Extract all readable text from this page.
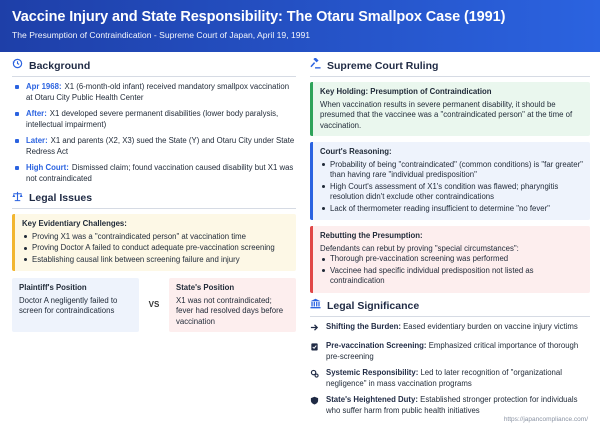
Vaccine Injury and State Responsibility: The Otaru Smallpox Case (1991)
The Presumption of Contraindication - Supreme Court of Japan, April 19, 1991
Background
Apr 1968: X1 (6-month-old infant) received mandatory smallpox vaccination at Otaru City Public Health Center
After: X1 developed severe permanent disabilities (lower body paralysis, intellectual impairment)
Later: X1 and parents (X2, X3) sued the State (Y) and Otaru City under State Redress Act
High Court: Dismissed claim; found vaccination caused disability but X1 was not contraindicated
Legal Issues
Key Evidentiary Challenges:
Proving X1 was a "contraindicated person" at vaccination time
Proving Doctor A failed to conduct adequate pre-vaccination screening
Establishing causal link between screening failure and injury
Plaintiff's Position
Doctor A negligently failed to screen for contraindications
VS
State's Position
X1 was not contraindicated; fever had resolved days before vaccination
Supreme Court Ruling
Key Holding: Presumption of Contraindication
When vaccination results in severe permanent disability, it should be presumed that the vaccinee was a "contraindicated person" at the time of vaccination.
Court's Reasoning:
Probability of being "contraindicated" (common conditions) is "far greater" than having rare "individual predisposition"
High Court's assessment of X1's condition was flawed; pharyngitis resolution didn't exclude other contraindications
Lack of thermometer reading insufficient to determine "no fever"
Rebutting the Presumption:
Defendants can rebut by proving "special circumstances":
Thorough pre-vaccination screening was performed
Vaccinee had specific individual predisposition not listed as contraindication
Legal Significance
Shifting the Burden: Eased evidentiary burden on vaccine injury victims
Pre-vaccination Screening: Emphasized critical importance of thorough pre-screening
Systemic Responsibility: Led to later recognition of "organizational negligence" in mass vaccination programs
State's Heightened Duty: Established stronger protection for individuals who suffer harm from public health initiatives
https://japancompliance.com/
